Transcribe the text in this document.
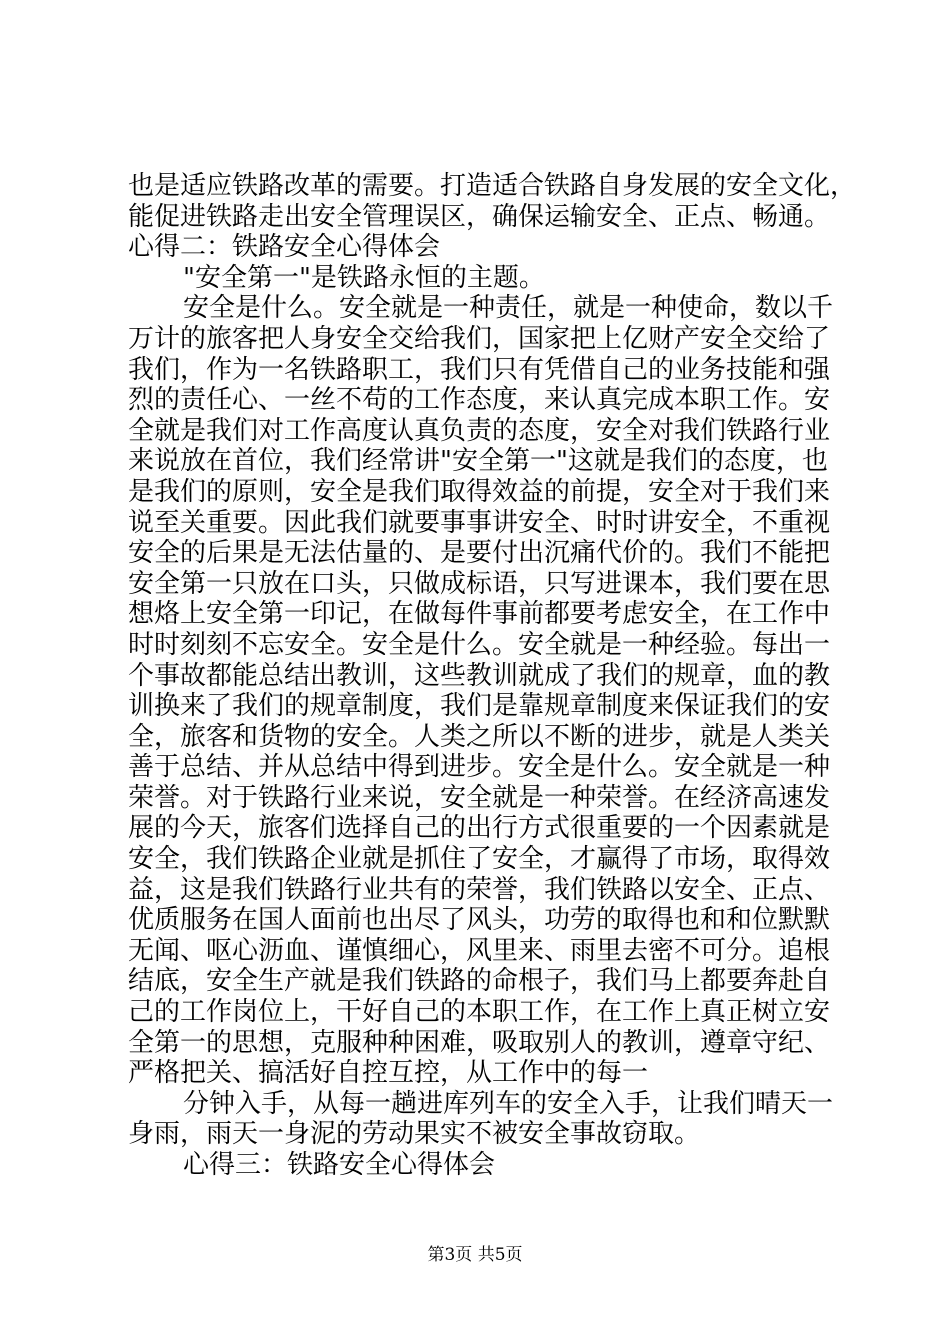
也是适应铁路改革的需要。打造适合铁路自身发展的安全文化，
能促进铁路走出安全管理误区，确保运输安全、正点、畅通。
心得二：铁路安全心得体会
"安全第一"是铁路永恒的主题。
安全是什么。安全就是一种责任，就是一种使命，数以千
万计的旅客把人身安全交给我们，国家把上亿财产安全交给了
我们，作为一名铁路职工，我们只有凭借自己的业务技能和强
烈的责任心、一丝不苟的工作态度，来认真完成本职工作。安
全就是我们对工作高度认真负责的态度，安全对我们铁路行业
来说放在首位，我们经常讲"安全第一"这就是我们的态度，也
是我们的原则，安全是我们取得效益的前提，安全对于我们来
说至关重要。因此我们就要事事讲安全、时时讲安全，不重视
安全的后果是无法估量的、是要付出沉痛代价的。我们不能把
安全第一只放在口头，只做成标语，只写进课本，我们要在思
想烙上安全第一印记，在做每件事前都要考虑安全，在工作中
时时刻刻不忘安全。安全是什么。安全就是一种经验。每出一
个事故都能总结出教训，这些教训就成了我们的规章，血的教
训换来了我们的规章制度，我们是靠规章制度来保证我们的安
全，旅客和货物的安全。人类之所以不断的进步，就是人类关
善于总结、并从总结中得到进步。安全是什么。安全就是一种
荣誉。对于铁路行业来说，安全就是一种荣誉。在经济高速发
展的今天，旅客们选择自己的出行方式很重要的一个因素就是
安全，我们铁路企业就是抓住了安全，才赢得了市场，取得效
益，这是我们铁路行业共有的荣誉，我们铁路以安全、正点、
优质服务在国人面前也出尽了风头，功劳的取得也和和位默默
无闻、呕心沥血、谨慎细心，风里来、雨里去密不可分。追根
结底，安全生产就是我们铁路的命根子，我们马上都要奔赴自
己的工作岗位上，干好自己的本职工作，在工作上真正树立安
全第一的思想，克服种种困难，吸取别人的教训，遵章守纪、
严格把关、搞活好自控互控，从工作中的每一
分钟入手，从每一趟进库列车的安全入手，让我们晴天一
身雨，雨天一身泥的劳动果实不被安全事故窃取。
心得三：铁路安全心得体会
第3页 共5页
